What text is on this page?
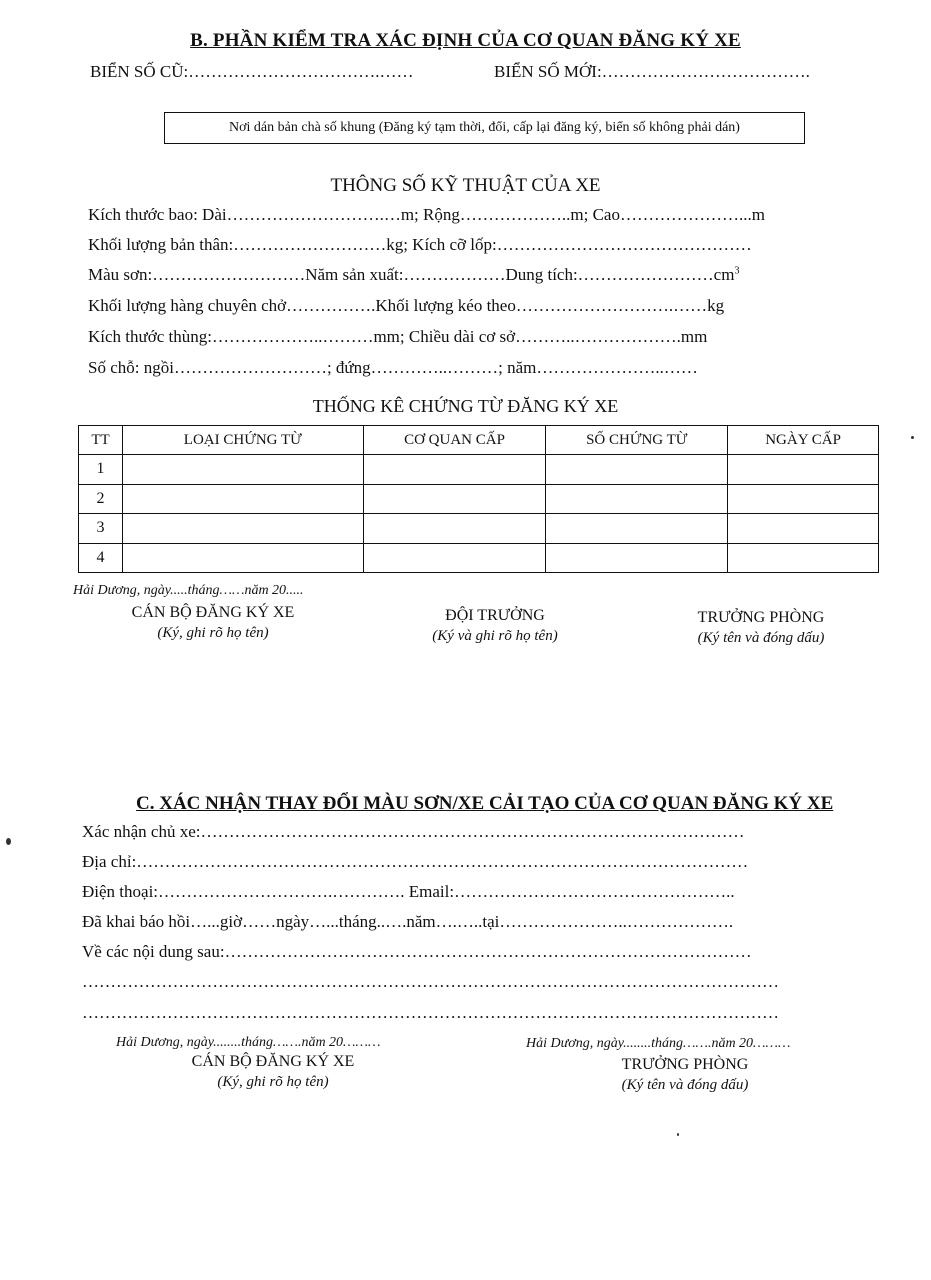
B. PHẦN KIỂM TRA XÁC ĐỊNH CỦA CƠ QUAN ĐĂNG KÝ XE
BIỂN SỐ CŨ:…………………………….……	BIỂN SỐ MỚI:……………………………….
Nơi dán bản chà số khung (Đăng ký tạm thời, đổi, cấp lại đăng ký, biển số không phải dán)
THÔNG SỐ KỸ THUẬT CỦA XE
Kích thước bao: Dài……………………….…m; Rộng………………..m; Cao…………………...m
Khối lượng bản thân:………………………kg; Kích cỡ lốp:………………………………………
Màu sơn:………………………Năm sản xuất:………………Dung $tích:\dots\dots\dots\dots\dots\dots\dots\dots cm^3$
Khối lượng hàng chuyên chở…………….Khối lượng kéo theo……………………….……kg
Kích thước thùng:………………..………mm; Chiều dài cơ sở………..……………….mm
Số chỗ: ngồi………………………; đứng…………..………; năm…………………..……
THỐNG KÊ CHỨNG TỪ ĐĂNG KÝ XE
TT	LOẠI CHỨNG TỪ	CƠ QUAN CẤP	SỐ CHỨNG TỪ	NGÀY CẤP
1				
2				
3				
4				
Hải Dương, ngày.....tháng……năm 20.....
CÁN BỘ ĐĂNG KÝ XE
(Ký, ghi rõ họ tên)
ĐỘI TRƯỞNG
(Ký và ghi rõ họ tên)
TRƯỞNG PHÒNG
(Ký tên và đóng dấu)
C. XÁC NHẬN THAY ĐỔI MÀU SƠN/XE CẢI TẠO CỦA CƠ QUAN ĐĂNG KÝ XE
Xác nhận chủ xe:……………………………………………………………………………………
Địa chỉ:………………………………………………………………………………………………
Điện thoại:………………………….…………. Email:…………………………………………..
Đã khai báo hồi…...giờ……ngày…...tháng..….năm….…..tại…………………..……………….
Về các nội dung sau:…………………………………………………………………………………
……………………………………………………………………………………………………………
……………………………………………………………………………………………………………
Hải Dương, ngày........tháng…….năm 20………	Hải Dương, ngày........tháng…….năm 20………
CÁN BỘ ĐĂNG KÝ XE
(Ký, ghi rõ họ tên)
TRƯỞNG PHÒNG
(Ký tên và đóng dấu)
